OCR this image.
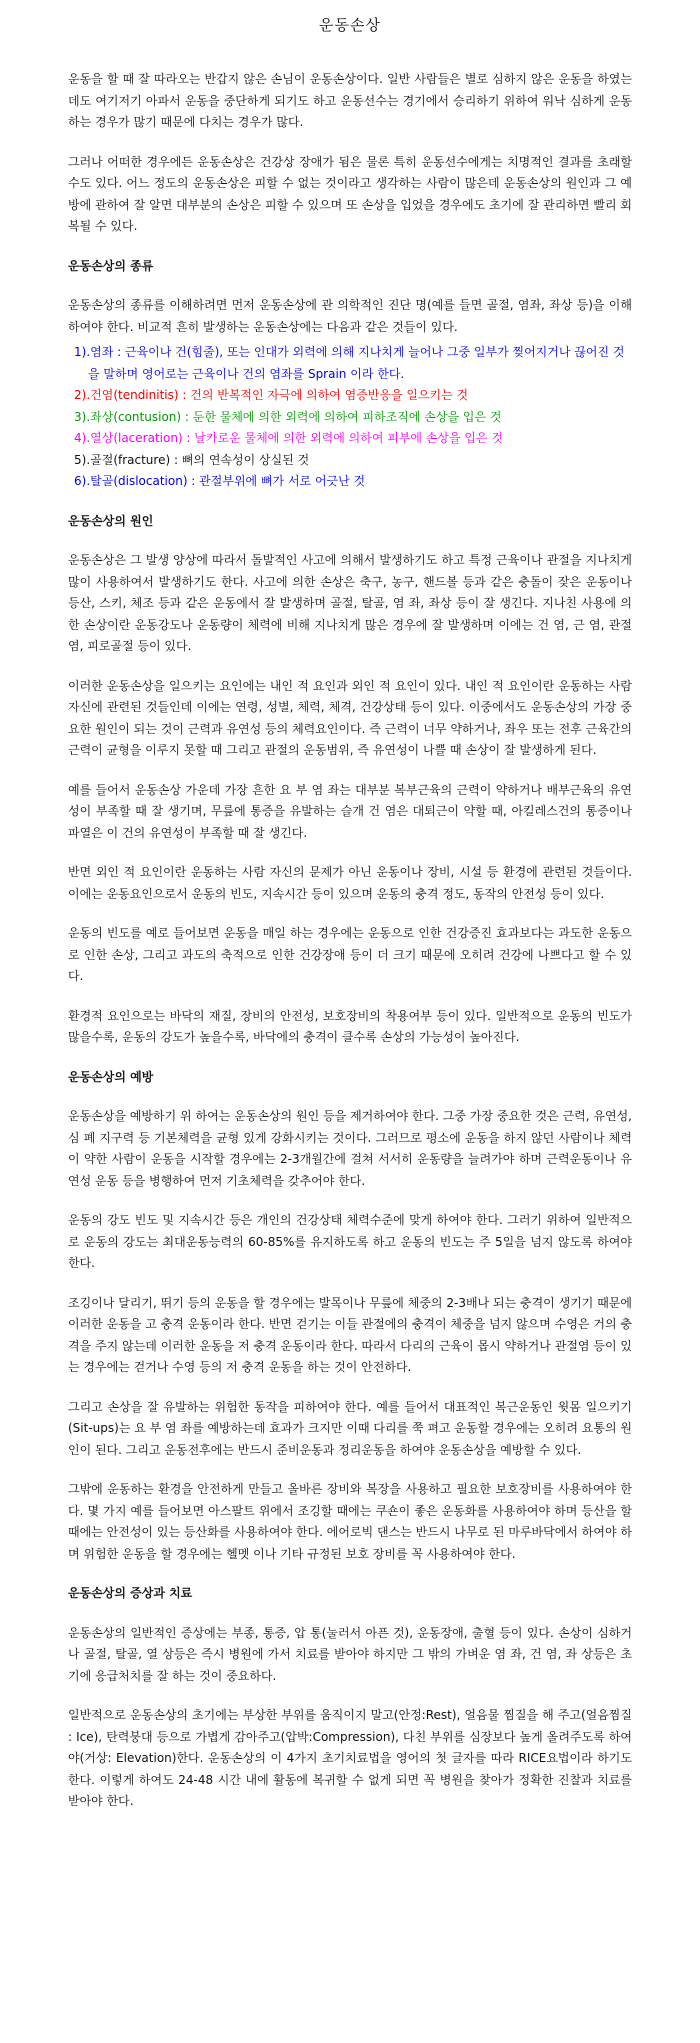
운동손상

운동을 할 때 잘 따라오는 반갑지 않은 손님이 운동손상이다. 일반 사람들은 별로 심하지 않은 운동을 하였는데도 여기저기 아파서 운동을 중단하게 되기도 하고 운동선수는 경기에서 승리하기 위하여 워낙 심하게 운동하는 경우가 많기 때문에 다치는 경우가 많다.

그러나 어떠한 경우에든 운동손상은 건강상 장애가 됨은 물론 특히 운동선수에게는 치명적인 결과를 초래할 수도 있다. 어느 정도의 운동손상은 피할 수 없는 것이라고 생각하는 사람이 많은데 운동손상의 원인과 그 예방에 관하여 잘 알면 대부분의 손상은 피할 수 있으며 또 손상을 입었을 경우에도 초기에 잘 관리하면 빨리 회복될 수 있다.

운동손상의 종류

운동손상의 종류를 이해하려면 먼저 운동손상에 관 의학적인 진단 명(예를 들면 골절, 염좌, 좌상 등)을 이해하여야 한다. 비교적 흔히 발생하는 운동손상에는 다음과 같은 것들이 있다.

1).염좌 : 근육이나 건(힘줄), 또는 인대가 외력에 의해 지나치게 늘어나 그중 일부가 찢어지거나 끊어진 것을 말하며 영어로는 근육이나 건의 염좌를 Sprain 이라 한다.
2).건염(tendinitis) : 건의 반복적인 자극에 의하여 염증반응을 일으키는 것
3).좌상(contusion) : 둔한 물체에 의한 외력에 의하여 피하조직에 손상을 입은 것
4).열상(laceration) : 날카로운 물체에 의한 외력에 의하여 피부에 손상을 입은 것
5).골절(fracture) : 뼈의 연속성이 상실된 것
6).탈골(dislocation) : 관절부위에 뼈가 서로 어긋난 것
운동손상의 원인

운동손상은 그 발생 양상에 따라서 돌발적인 사고에 의해서 발생하기도 하고 특정 근육이나 관절을 지나치게 많이 사용하여서 발생하기도 한다. 사고에 의한 손상은 축구, 농구, 핸드볼 등과 같은 충돌이 잦은 운동이나 등산, 스키, 체조 등과 같은 운동에서 잘 발생하며 골절, 탈골, 염 좌, 좌상 등이 잘 생긴다. 지나친 사용에 의한 손상이란 운동강도나 운동량이 체력에 비해 지나치게 많은 경우에 잘 발생하며 이에는 건 염, 근 염, 관절염, 피로골절 등이 있다.

이러한 운동손상을 일으키는 요인에는 내인 적 요인과 외인 적 요인이 있다. 내인 적 요인이란 운동하는 사람 자신에 관련된 것들인데 이에는 연령, 성별, 체력, 체격, 건강상태 등이 있다. 이중에서도 운동손상의 가장 중요한 원인이 되는 것이 근력과 유연성 등의 체력요인이다. 즉 근력이 너무 약하거나, 좌우 또는 전후 근육간의 근력이 균형을 이루지 못할 때 그리고 관절의 운동범위, 즉 유연성이 나쁠 때 손상이 잘 발생하게 된다.

예를 들어서 운동손상 가운데 가장 흔한 요 부 염 좌는 대부분 복부근육의 근력이 약하거나 배부근육의 유연성이 부족할 때 잘 생기며, 무릎에 통증을 유발하는 슬개 건 염은 대퇴근이 약할 때, 아킬레스건의 통증이나 파열은 이 건의 유연성이 부족할 때 잘 생긴다.

반면 외인 적 요인이란 운동하는 사람 자신의 문제가 아닌 운동이나 장비, 시설 등 환경에 관련된 것들이다. 이에는 운동요인으로서 운동의 빈도, 지속시간 등이 있으며 운동의 충격 정도, 동작의 안전성 등이 있다.

운동의 빈도를 예로 들어보면 운동을 매일 하는 경우에는 운동으로 인한 건강증진 효과보다는 과도한 운동으로 인한 손상, 그리고 과도의 축적으로 인한 건강장애 등이 더 크기 때문에 오히려 건강에 나쁘다고 할 수 있다.

환경적 요인으로는 바닥의 재질, 장비의 안전성, 보호장비의 착용여부 등이 있다. 일반적으로 운동의 빈도가 많을수록, 운동의 강도가 높을수록, 바닥에의 충격이 클수록 손상의 가능성이 높아진다.

운동손상의 예방

운동손상을 예방하기 위 하여는 운동손상의 원인 등을 제거하여야 한다. 그중 가장 중요한 것은 근력, 유연성, 심 폐 지구력 등 기본체력을 균형 있게 강화시키는 것이다. 그러므로 평소에 운동을 하지 않던 사람이나 체력이 약한 사람이 운동을 시작할 경우에는 2-3개월간에 걸쳐 서서히 운동량을 늘려가야 하며 근력운동이나 유연성 운동 등을 병행하여 먼저 기초체력을 갖추어야 한다.

운동의 강도 빈도 및 지속시간 등은 개인의 건강상태 체력수준에 맞게 하여야 한다. 그러기 위하여 일반적으로 운동의 강도는 최대운동능력의 60-85%를 유지하도록 하고 운동의 빈도는 주 5일을 넘지 않도록 하여야 한다.

조깅이나 달리기, 뛰기 등의 운동을 할 경우에는 발목이나 무릎에 체중의 2-3배나 되는 충격이 생기기 때문에 이러한 운동을 고 충격 운동이라 한다. 반면 걷기는 이들 관절에의 충격이 체중을 넘지 않으며 수영은 거의 충격을 주지 않는데 이러한 운동을 저 충격 운동이라 한다. 따라서 다리의 근육이 몹시 약하거나 관절염 등이 있는 경우에는 걷거나 수영 등의 저 충격 운동을 하는 것이 안전하다.

그리고 손상을 잘 유발하는 위험한 동작을 피하여야 한다. 예를 들어서 대표적인 복근운동인 윗몸 일으키기(Sit-ups)는 요 부 염 좌를 예방하는데 효과가 크지만 이때 다리를 쭉 펴고 운동할 경우에는 오히려 요통의 원인이 된다. 그리고 운동전후에는 반드시 준비운동과 정리운동을 하여야 운동손상을 예방할 수 있다.

그밖에 운동하는 환경을 안전하게 만들고 올바른 장비와 복장을 사용하고 필요한 보호장비를 사용하여야 한다. 몇 가지 예를 들어보면 아스팔트 위에서 조깅할 때에는 쿠숀이 좋은 운동화를 사용하여야 하며 등산을 할 때에는 안전성이 있는 등산화를 사용하여야 한다. 에어로빅 댄스는 반드시 나무로 된 마루바닥에서 하여야 하며 위험한 운동을 할 경우에는 헬멧 이나 기타 규정된 보호 장비를 꼭 사용하여야 한다.

운동손상의 증상과 치료

운동손상의 일반적인 증상에는 부종, 통증, 압 통(눌러서 아픈 것), 운동장애, 출혈 등이 있다. 손상이 심하거나 골절, 탈골, 열 상등은 즉시 병원에 가서 치료를 받아야 하지만 그 밖의 가벼운 염 좌, 건 염, 좌 상등은 초기에 응급처치를 잘 하는 것이 중요하다.

일반적으로 운동손상의 초기에는 부상한 부위를 움직이지 말고(안정:Rest), 얼음물 찜질을 해 주고(얼음찜질 : Ice), 탄력붕대 등으로 가볍게 감아주고(압박:Compression), 다친 부위를 심장보다 높게 올려주도록 하여야(거상: Elevation)한다. 운동손상의 이 4가지 초기치료법을 영어의 첫 글자를 따라 RICE요법이라 하기도 한다. 이렇게 하여도 24-48 시간 내에 활동에 복귀할 수 없게 되면 꼭 병원을 찾아가 정확한 진찰과 치료를 받아야 한다.
